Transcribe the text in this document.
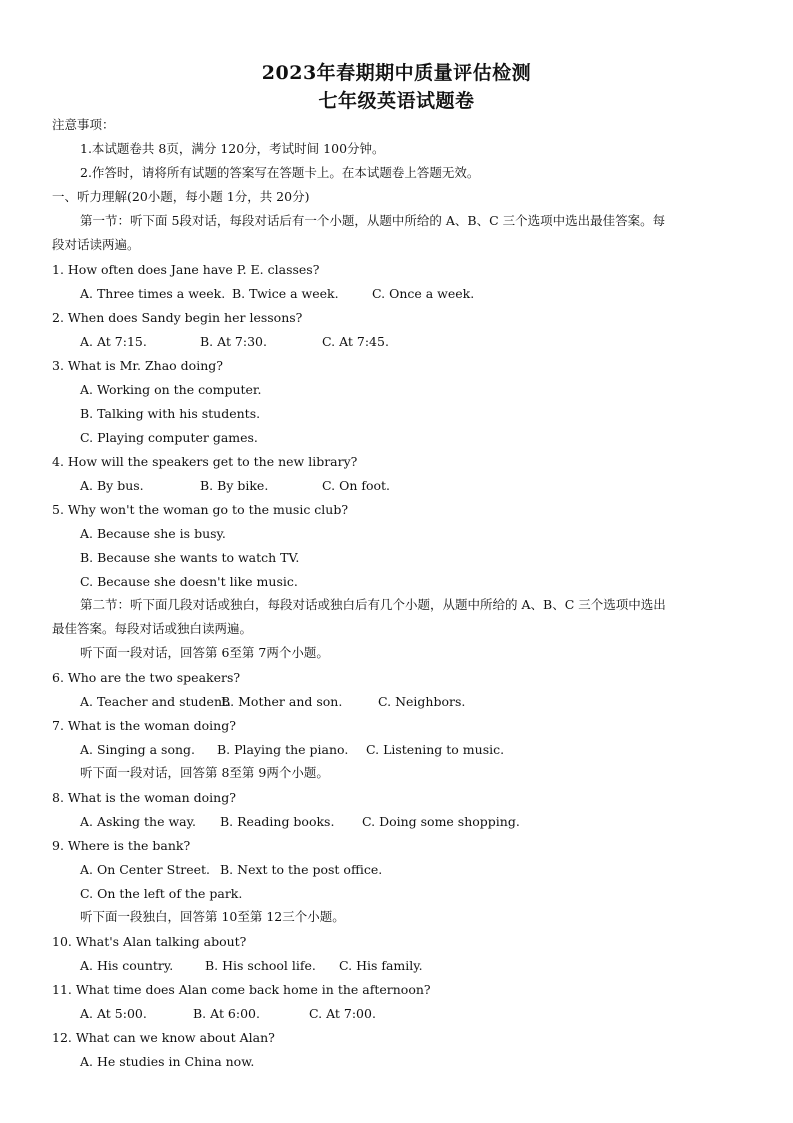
2023年春期期中质量评估检测
七年级英语试题卷
注意事项：
1.本试题卷共 8页，满分 120分，考试时间 100分钟。
2.作答时，请将所有试题的答案写在答题卡上。在本试题卷上答题无效。
一、听力理解(20小题，每小题 1分，共 20分)
第一节：听下面 5段对话，每段对话后有一个小题，从题中所给的 A、B、C 三个选项中选出最佳答案。每
段对话读两遍。
1. How often does Jane have P. E. classes?
A. Three times a week. B. Twice a week.	C. Once a week.
2. When does Sandy begin her lessons?
A. At 7:15.	B. At 7:30.	C. At 7:45.
3. What is Mr. Zhao doing?
A. Working on the computer.
B. Talking with his students.
C. Playing computer games.
4. How will the speakers get to the new library?
A. By bus.	B. By bike.	C. On foot.
5. Why won't the woman go to the music club?
A. Because she is busy.
B. Because she wants to watch TV.
C. Because she doesn't like music.
第二节：听下面几段对话或独白，每段对话或独白后有几个小题，从题中所给的 A、B、C 三个选项中选出
最佳答案。每段对话或独白读两遍。
听下面一段对话，回答第 6至第 7两个小题。
6. Who are the two speakers?
A. Teacher and student.
B. Mother and son.	C. Neighbors.
7. What is the woman doing?
A. Singing a song. B. Playing the piano. C. Listening to music.
听下面一段对话，回答第 8至第 9两个小题。
8. What is the woman doing?
A. Asking the way. B. Reading books. C. Doing some shopping.
9. Where is the bank?
A. On Center Street. B. Next to the post office.
C. On the left of the park.
听下面一段独白，回答第 10至第 12三个小题。
10. What's Alan talking about?
A. His country.	B. His school life. C. His family.
11. What time does Alan come back home in the afternoon?
A. At 5:00.	B. At 6:00.	C. At 7:00.
12. What can we know about Alan?
A. He studies in China now.
